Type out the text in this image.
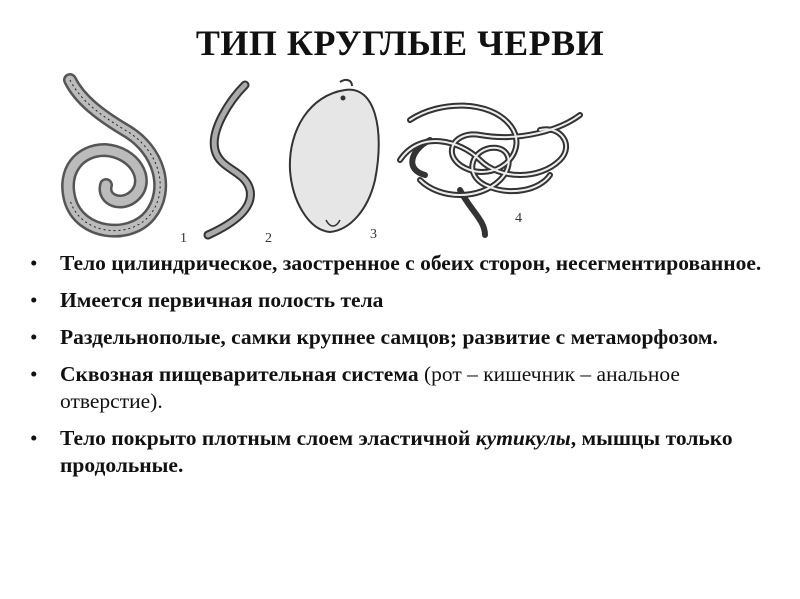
ТИП КРУГЛЫЕ ЧЕРВИ
1	2	3
4
• Тело цилиндрическое, заостренное с обеих сторон, несегментированное.
• Имеется первичная полость тела
• Раздельнополые, самки крупнее самцов; развитие с метаморфозом.
• Сквозная пищеварительная система (рот – кишечник – анальное отверстие).
• Тело покрыто плотным слоем эластичной кутикулы, мышцы только продольные.
